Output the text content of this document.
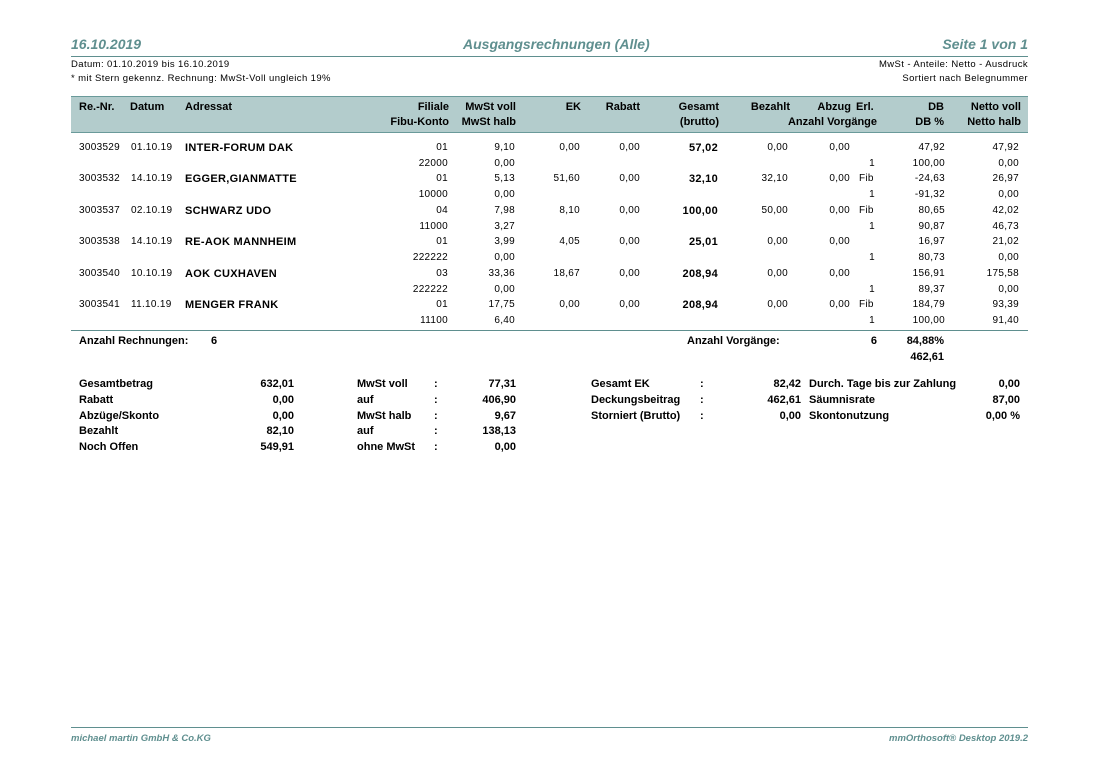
16.10.2019	Ausgangsrechnungen (Alle)	Seite 1 von 1
Datum: 01.10.2019 bis 16.10.2019
* mit Stern gekennz. Rechnung: MwSt-Voll ungleich 19%
MwSt - Anteile: Netto - Ausdruck
Sortiert nach Belegnummer
Re.-Nr. Datum Adressat	Filiale
Fibu-Konto
MwSt voll
MwSt halb
EK Rabatt	Gesamt
(brutto)
Bezahlt Abzug Erl.
Anzahl Vorgänge
DB
DB %
Netto voll
Netto halb
3003529 01.10.19 INTER-FORUM DAK	01	9,10	0,00	0,00	57,02	0,00	0,00	47,92	47,92
22000	0,00	1	100,00	0,00
3003532 14.10.19 EGGER,GIANMATTE	01	5,13	51,60	0,00	32,10	32,10	0,00 Fib	-24,63	26,97
10000	0,00	1	-91,32	0,00
3003537 02.10.19 SCHWARZ UDO	04	7,98	8,10	0,00	100,00	50,00	0,00 Fib	80,65	42,02
11000	3,27	1	90,87	46,73
3003538 14.10.19 RE-AOK MANNHEIM	01	3,99	4,05	0,00	25,01	0,00	0,00	16,97	21,02
222222	0,00	1	80,73	0,00
3003540 10.10.19 AOK CUXHAVEN	03	33,36	18,67	0,00	208,94	0,00	0,00	156,91	175,58
222222	0,00	1	89,37	0,00
3003541 11.10.19 MENGER FRANK	01	17,75	0,00	0,00	208,94	0,00	0,00 Fib	184,79	93,39
11100	6,40	1	100,00	91,40
Anzahl Rechnungen: 6	Anzahl Vorgänge:	6	84,88%
462,61
Gesamtbetrag	632,01
Rabatt	0,00
Abzüge/Skonto	0,00
Bezahlt	82,10
Noch Offen	549,91
MwSt voll :	77,31
auf	:	406,90
MwSt halb :	9,67
auf	:	138,13
ohne MwSt :	0,00
Gesamt EK	:	82,42
Deckungsbeitrag :	462,61
Storniert (Brutto) :	0,00
Durch. Tage bis zur Zahlung	0,00
Säumnisrate	87,00
Skontonutzung	0,00 %
michael martin GmbH & Co.KG	mmOrthosoft® Desktop 2019.2
